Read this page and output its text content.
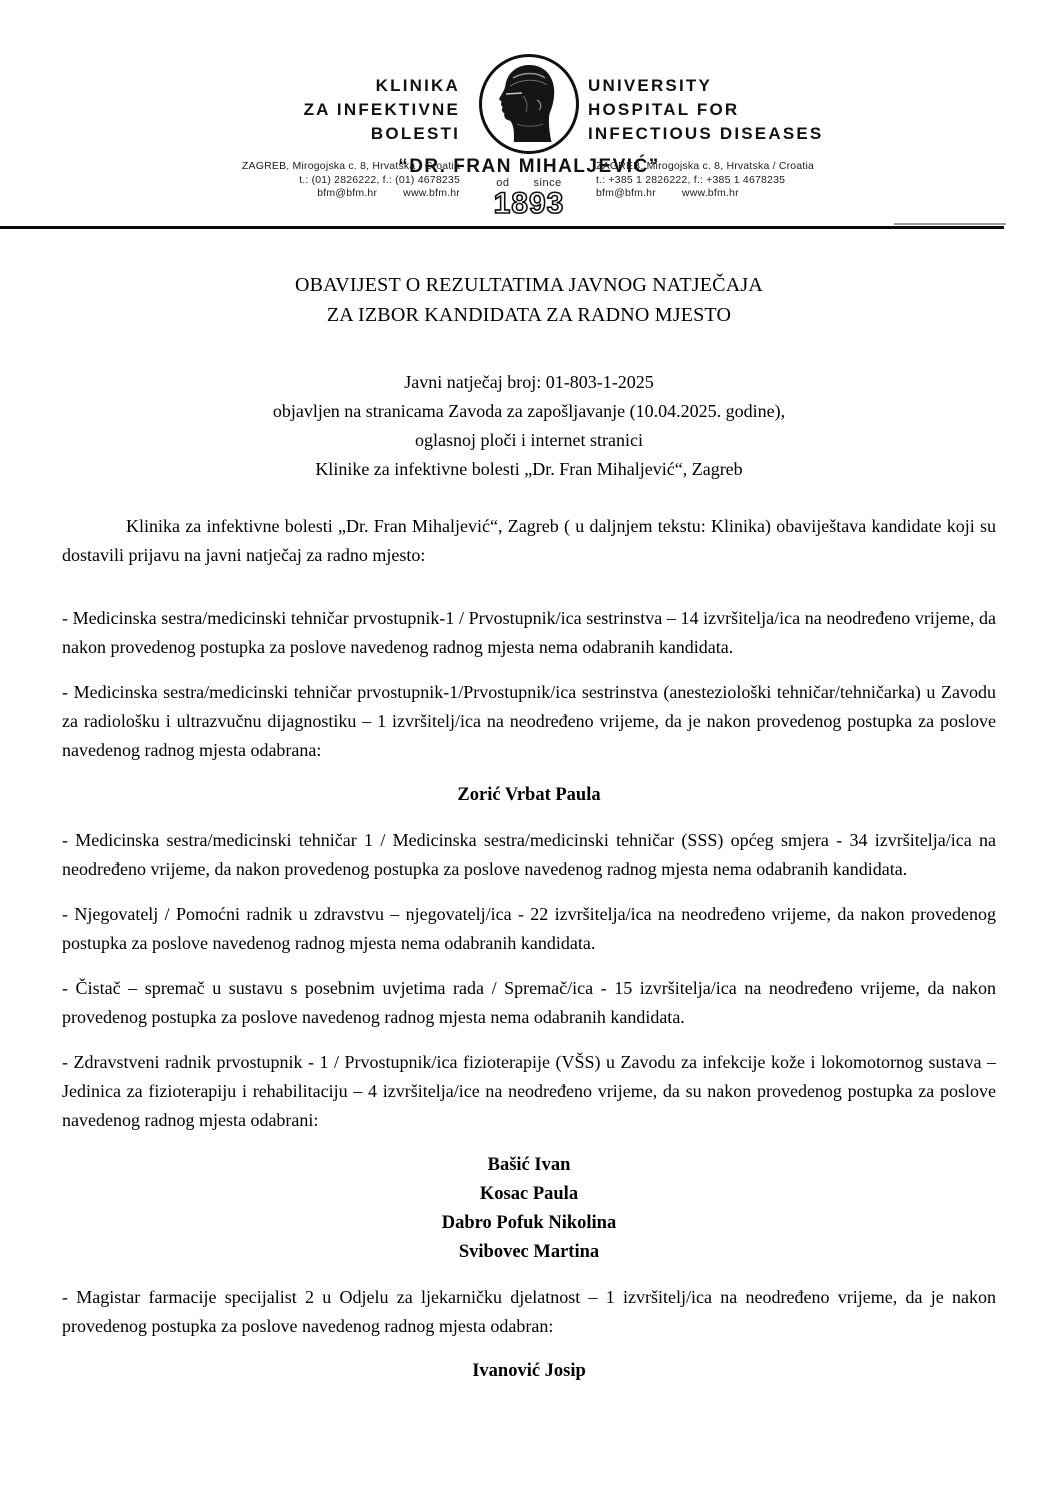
KLINIKA
ZA INFEKTIVNE
BOLESTI
UNIVERSITY
HOSPITAL FOR
INFECTIOUS DISEASES
ZAGREB, Mirogojska c. 8, Hrvatska / Croatia
t.: (01) 2826222, f.: (01) 4678235
bfm@bfm.hr www.bfm.hr
“DR. FRAN MIHALJEVIĆ”
ZAGREB, Mirogojska c. 8, Hrvatska / Croatia
t.: +385 1 2826222, f.: +385 1 4678235
bfm@bfm.hr www.bfm.hr
od since
1893
OBAVIJEST O REZULTATIMA JAVNOG NATJEČAJA
ZA IZBOR KANDIDATA ZA RADNO MJESTO
Javni natječaj broj: 01-803-1-2025
objavljen na stranicama Zavoda za zapošljavanje (10.04.2025. godine),
oglasnoj ploči i internet stranici
Klinike za infektivne bolesti „Dr. Fran Mihaljević“, Zagreb

Klinika za infektivne bolesti „Dr. Fran Mihaljević“, Zagreb ( u daljnjem tekstu: Klinika) obaviještava kandidate koji su dostavili prijavu na javni natječaj za radno mjesto:

- Medicinska sestra/medicinski tehničar prvostupnik-1 / Prvostupnik/ica sestrinstva – 14 izvršitelja/ica na neodređeno vrijeme, da nakon provedenog postupka za poslove navedenog radnog mjesta nema odabranih kandidata.

- Medicinska sestra/medicinski tehničar prvostupnik-1/Prvostupnik/ica sestrinstva (anesteziološki tehničar/tehničarka) u Zavodu za radiološku i ultrazvučnu dijagnostiku – 1 izvršitelj/ica na neodređeno vrijeme, da je nakon provedenog postupka za poslove navedenog radnog mjesta odabrana:

Zorić Vrbat Paula

- Medicinska sestra/medicinski tehničar 1 / Medicinska sestra/medicinski tehničar (SSS) općeg smjera - 34 izvršitelja/ica na neodređeno vrijeme, da nakon provedenog postupka za poslove navedenog radnog mjesta nema odabranih kandidata.

- Njegovatelj / Pomoćni radnik u zdravstvu – njegovatelj/ica - 22 izvršitelja/ica na neodređeno vrijeme, da nakon provedenog postupka za poslove navedenog radnog mjesta nema odabranih kandidata.

- Čistač – spremač u sustavu s posebnim uvjetima rada / Spremač/ica - 15 izvršitelja/ica na neodređeno vrijeme, da nakon provedenog postupka za poslove navedenog radnog mjesta nema odabranih kandidata.

- Zdravstveni radnik prvostupnik - 1 / Prvostupnik/ica fizioterapije (VŠS) u Zavodu za infekcije kože i lokomotornog sustava – Jedinica za fizioterapiju i rehabilitaciju – 4 izvršitelja/ice na neodređeno vrijeme, da su nakon provedenog postupka za poslove navedenog radnog mjesta odabrani:

Bašić Ivan
Kosac Paula
Dabro Pofuk Nikolina
Svibovec Martina

- Magistar farmacije specijalist 2 u Odjelu za ljekarničku djelatnost – 1 izvršitelj/ica na neodređeno vrijeme, da je nakon provedenog postupka za poslove navedenog radnog mjesta odabran:

Ivanović Josip
